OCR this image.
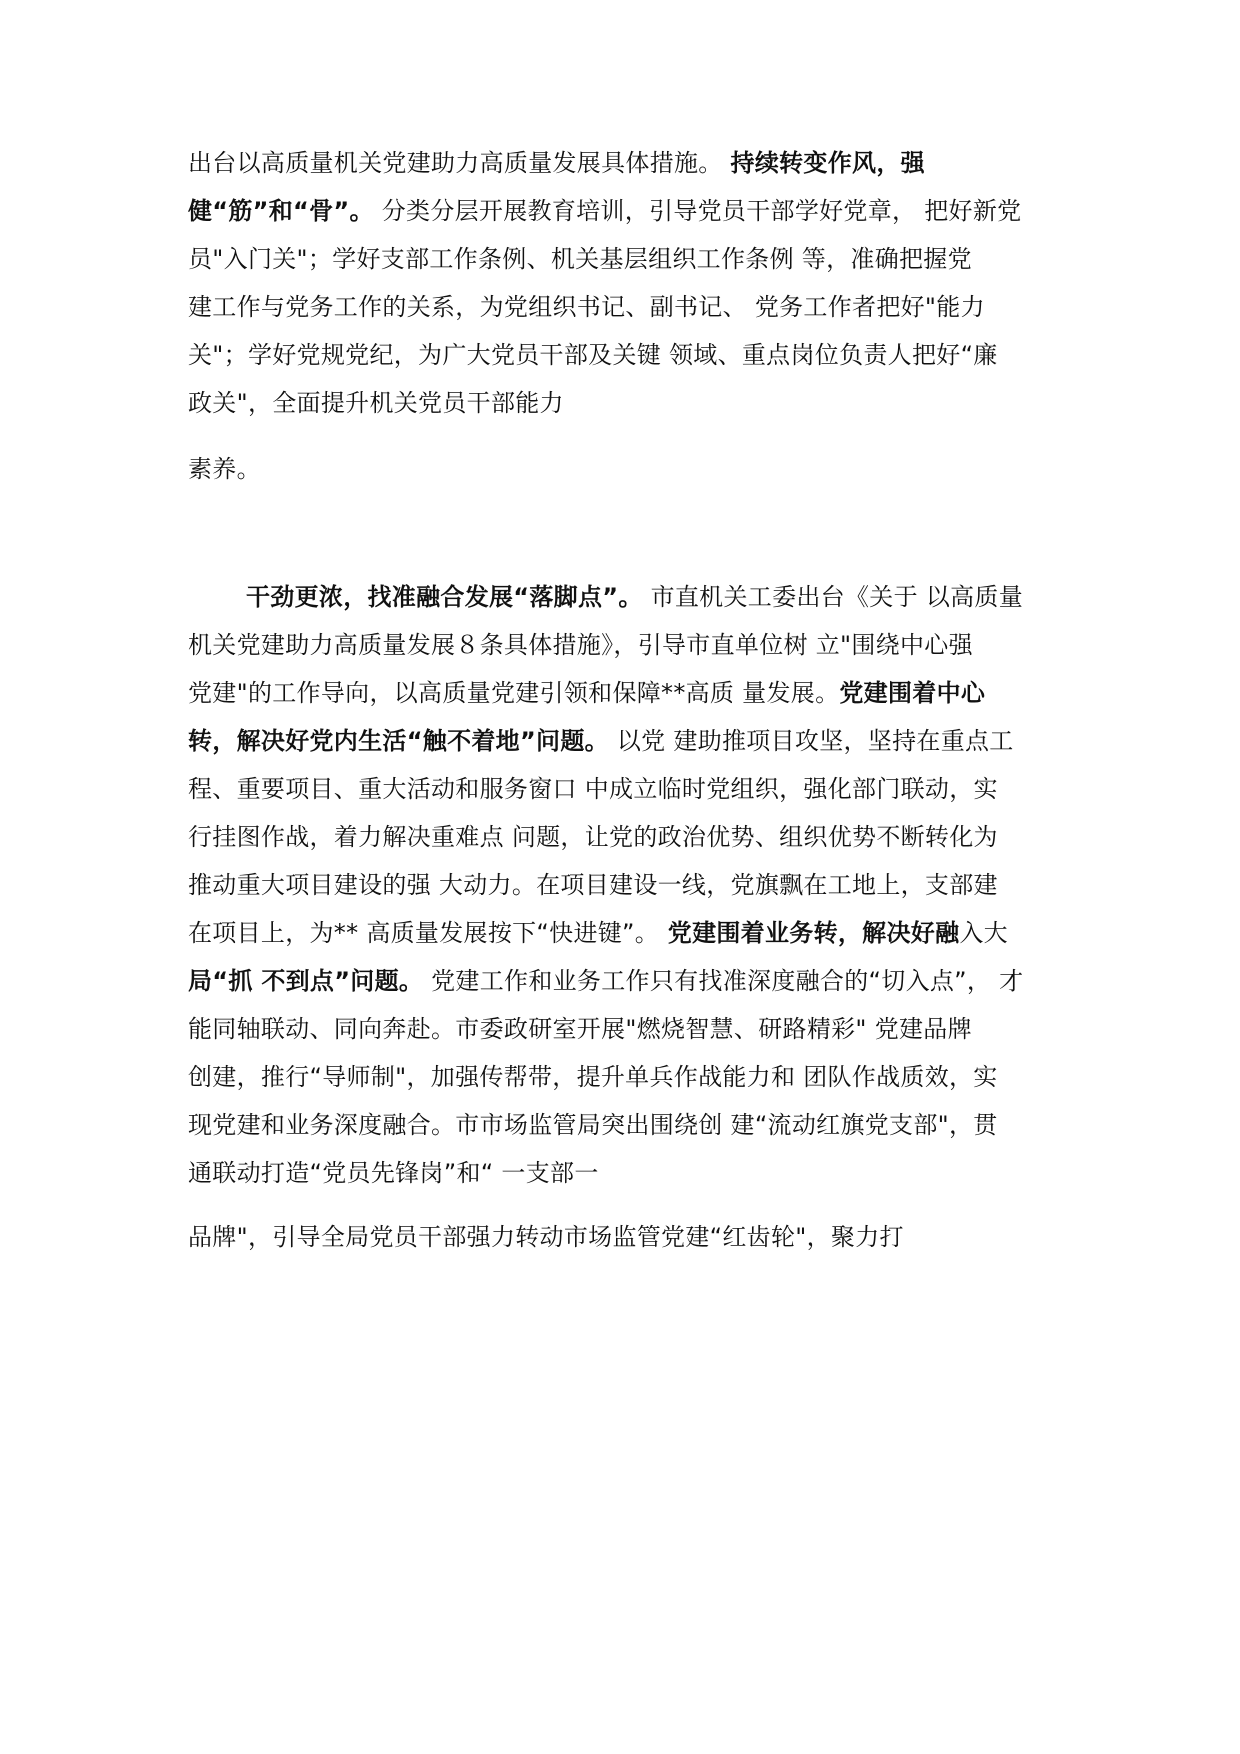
出台以高质量机关党建助力高质量发展具体措施。 持续转变作风，强
健“筋”和“骨”。 分类分层开展教育培训，引导党员干部学好党章， 把好新党
员"入门关"；学好支部工作条例、机关基层组织工作条例 等，准确把握党
建工作与党务工作的关系，为党组织书记、副书记、 党务工作者把好"能力
关"；学好党规党纪，为广大党员干部及关键 领域、重点岗位负责人把好“廉
政关"，全面提升机关党员干部能力
素养。
干劲更浓，找准融合发展“落脚点”。 市直机关工委出台《关于 以高质量
机关党建助力高质量发展８条具体措施》，引导市直单位树 立"围绕中心强
党建"的工作导向，以高质量党建引领和保障**高质 量发展。党建围着中心
转，解决好党内生活“触不着地”问题。 以党 建助推项目攻坚，坚持在重点工
程、重要项目、重大活动和服务窗口 中成立临时党组织，强化部门联动，实
行挂图作战，着力解决重难点 问题，让党的政治优势、组织优势不断转化为
推动重大项目建设的强 大动力。在项目建设一线，党旗飘在工地上，支部建
在项目上，为** 高质量发展按下“快进键”。 党建围着业务转，解决好融入大
局“抓 不到点”问题。 党建工作和业务工作只有找准深度融合的“切入点”， 才
能同轴联动、同向奔赴。市委政研室开展"燃烧智慧、研路精彩" 党建品牌
创建，推行“导师制"，加强传帮带，提升单兵作战能力和 团队作战质效，实
现党建和业务深度融合。市市场监管局突出围绕创 建“流动红旗党支部"，贯
通联动打造“党员先锋岗”和“ 一支部一
品牌"，引导全局党员干部强力转动市场监管党建“红齿轮"，聚力打
